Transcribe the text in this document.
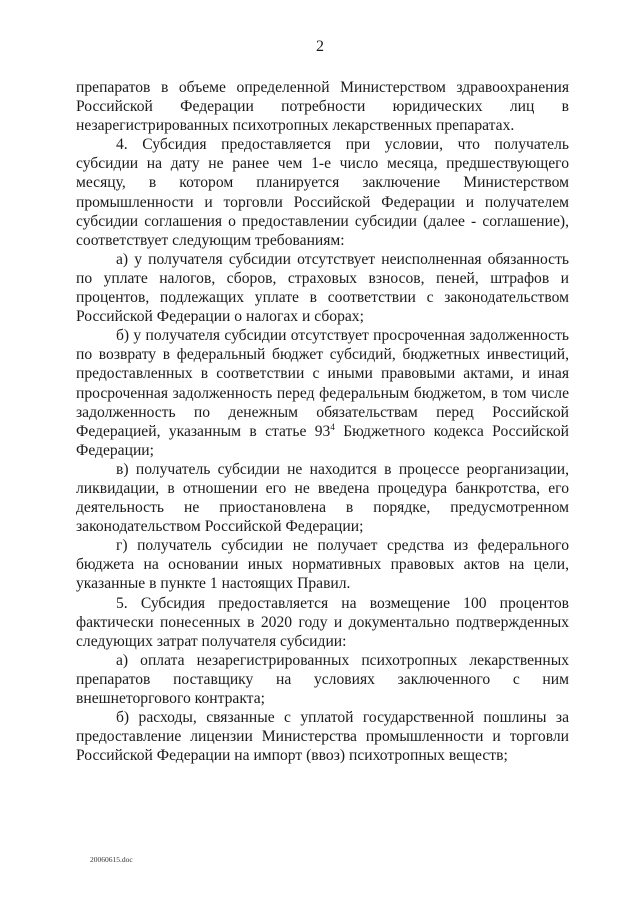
2

препаратов в объеме определенной Министерством здравоохранения Российской Федерации потребности юридических лиц в незарегистрированных психотропных лекарственных препаратах.

4. Субсидия предоставляется при условии, что получатель субсидии на дату не ранее чем 1-е число месяца, предшествующего месяцу, в котором планируется заключение Министерством промышленности и торговли Российской Федерации и получателем субсидии соглашения о предоставлении субсидии (далее - соглашение), соответствует следующим требованиям:

а) у получателя субсидии отсутствует неисполненная обязанность по уплате налогов, сборов, страховых взносов, пеней, штрафов и процентов, подлежащих уплате в соответствии с законодательством Российской Федерации о налогах и сборах;

б) у получателя субсидии отсутствует просроченная задолженность по возврату в федеральный бюджет субсидий, бюджетных инвестиций, предоставленных в соответствии с иными правовыми актами, и иная просроченная задолженность перед федеральным бюджетом, в том числе задолженность по денежным обязательствам перед Российской Федерацией, указанным в статье $93^4$ Бюджетного кодекса Российской Федерации;

в) получатель субсидии не находится в процессе реорганизации, ликвидации, в отношении его не введена процедура банкротства, его деятельность не приостановлена в порядке, предусмотренном законодательством Российской Федерации;

г) получатель субсидии не получает средства из федерального бюджета на основании иных нормативных правовых актов на цели, указанные в пункте 1 настоящих Правил.

5. Субсидия предоставляется на возмещение 100 процентов фактически понесенных в 2020 году и документально подтвержденных следующих затрат получателя субсидии:

а) оплата незарегистрированных психотропных лекарственных препаратов поставщику на условиях заключенного с ним внешнеторгового контракта;

б) расходы, связанные с уплатой государственной пошлины за предоставление лицензии Министерства промышленности и торговли Российской Федерации на импорт (ввоз) психотропных веществ;

20060615.doc
